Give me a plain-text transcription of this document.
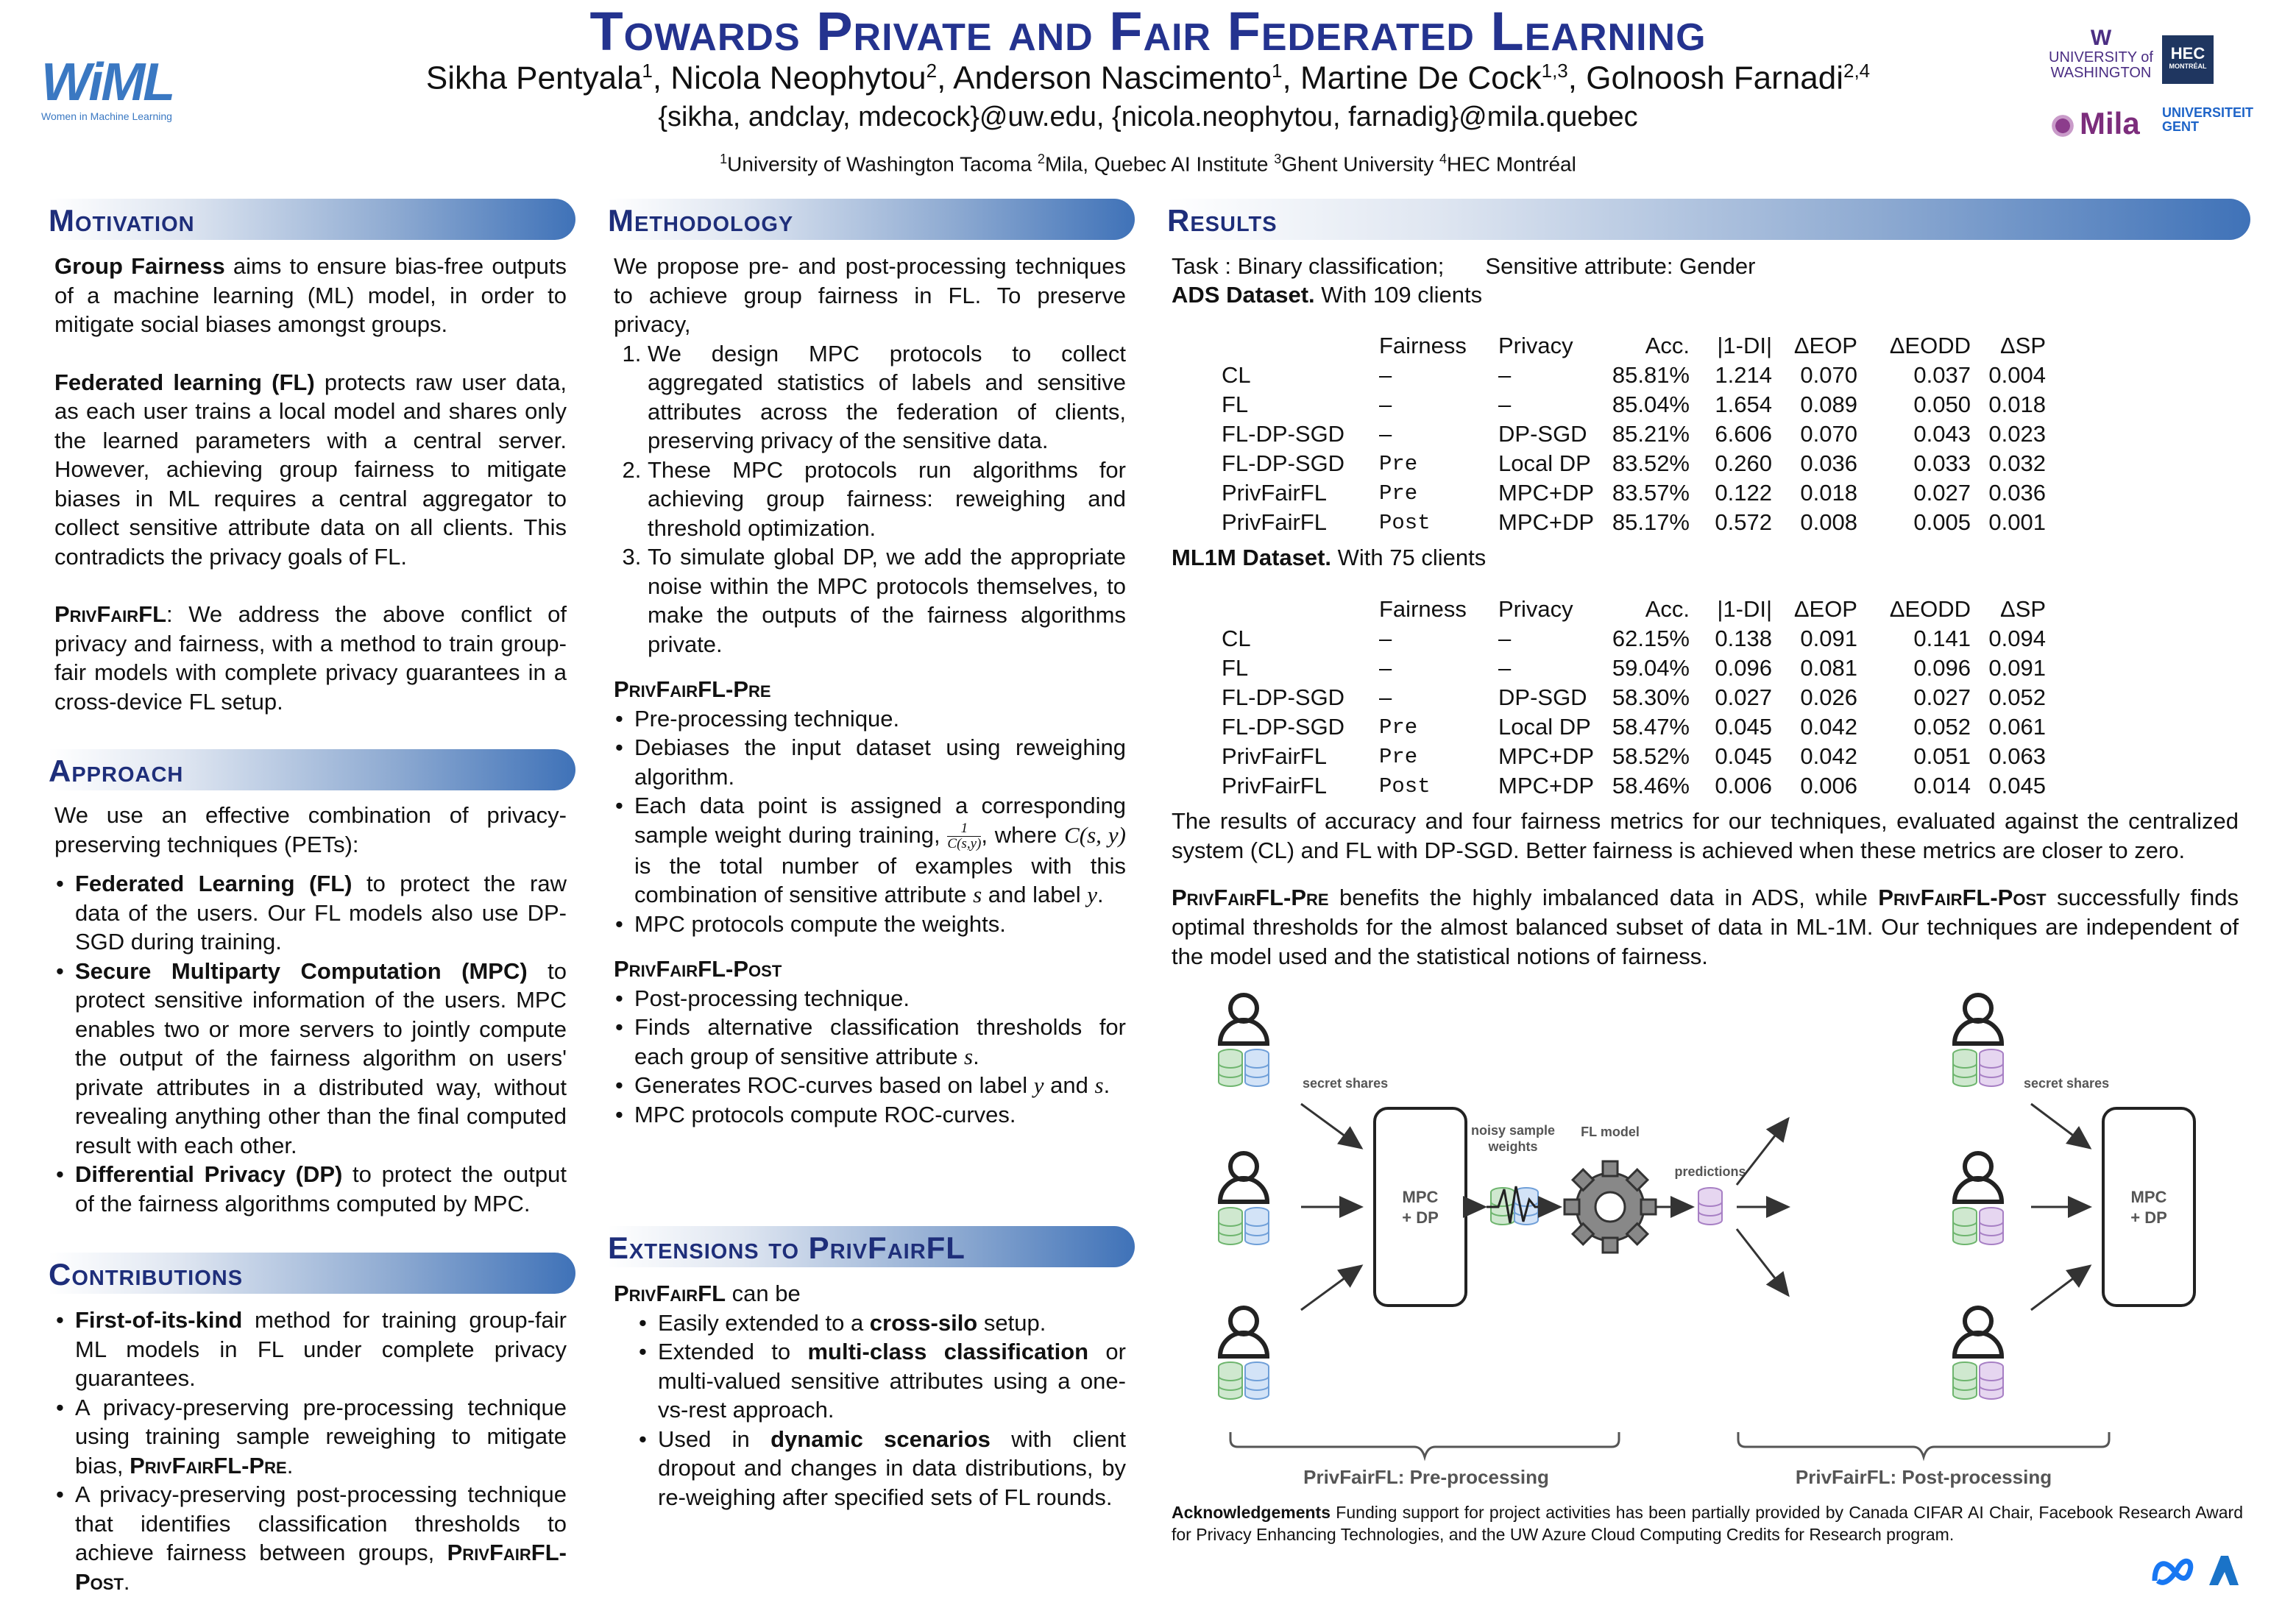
Towards Private and Fair Federated Learning
Sikha Pentyala$^1$, Nicola Neophytou$^2$, Anderson Nascimento$^1$, Martine De Cock$^{1,3}$, Golnoosh Farnadi$^{2,4}$
{sikha, andclay, mdecock}@uw.edu, {nicola.neophytou, farnadig}@mila.quebec
$^1$University of Washington Tacoma $^2$Mila, Quebec AI Institute $^3$Ghent University $^4$HEC Montréal
WiML
Women in Machine Learning
W
UNIVERSITY of
WASHINGTON
HEC
MONTRÉAL
Mila	UNIVERSITEIT
GENT
Motivation

Group Fairness aims to ensure bias-free outputs of a machine learning (ML) model, in order to mitigate social biases amongst groups.

Federated learning (FL) protects raw user data, as each user trains a local model and shares only the learned parameters with a central server. However, achieving group fairness to mitigate biases in ML requires a central aggregator to collect sensitive attribute data on all clients. This contradicts the privacy goals of FL.

PrivFairFL: We address the above conflict of privacy and fairness, with a method to train group-fair models with complete privacy guarantees in a cross-device FL setup.

Approach

We use an effective combination of privacy-preserving techniques (PETs):

• Federated Learning (FL) to protect the raw data of the users. Our FL models also use DP-SGD during training.
• Secure Multiparty Computation (MPC) to protect sensitive information of the users. MPC enables two or more servers to jointly compute the output of the fairness algorithm on users' private attributes in a distributed way, without revealing anything other than the final computed result with each other.
• Differential Privacy (DP) to protect the output of the fairness algorithms computed by MPC.
Contributions
• First-of-its-kind method for training group-fair ML models in FL under complete privacy guarantees.
• A privacy-preserving pre-processing technique using training sample reweighing to mitigate bias, PrivFairFL-Pre.
• A privacy-preserving post-processing technique that identifies classification thresholds to achieve fairness between groups, PrivFairFL-Post.
Methodology
We propose pre- and post-processing techniques to achieve group fairness in FL. To preserve privacy,
1. We design MPC protocols to collect aggregated statistics of labels and sensitive attributes across the federation of clients, preserving privacy of the sensitive data.
2. These MPC protocols run algorithms for achieving group fairness: reweighing and threshold optimization.
3. To simulate global DP, we add the appropriate noise within the MPC protocols themselves, to make the outputs of the fairness algorithms private.
PrivFairFL-Pre
• Pre-processing technique.
• Debiases the input dataset using reweighing algorithm.
• Each data point is assigned a corresponding sample weight during training, $\frac{1}{C(s,y)}$ , where C(s, y) is the total number of examples with this combination of sensitive attribute s and label y.
• MPC protocols compute the weights.
PrivFairFL-Post
• Post-processing technique.
• Finds alternative classification thresholds for each group of sensitive attribute s.
• Generates ROC-curves based on label y and s.
• MPC protocols compute ROC-curves.
Extensions to PrivFairFL
PrivFairFL can be
• Easily extended to a cross-silo setup.
• Extended to multi-class classification or multi-valued sensitive attributes using a one-vs-rest approach.
• Used in dynamic scenarios with client dropout and changes in data distributions, by re-weighing after specified sets of FL rounds.
Results
Task : Binary classification; Sensitive attribute: Gender
ADS Dataset. With 109 clients
	Fairness	Privacy	Acc.	|1-DI|	ΔEOP	ΔEODD	ΔSP
CL	–	–	85.81%	1.214	0.070	0.037	0.004
FL	–	–	85.04%	1.654	0.089	0.050	0.018
FL-DP-SGD	–	DP-SGD	85.21%	6.606	0.070	0.043	0.023
FL-DP-SGD	Pre	Local DP	83.52%	0.260	0.036	0.033	0.032
PrivFairFL	Pre	MPC+DP	83.57%	0.122	0.018	0.027	0.036
PrivFairFL	Post	MPC+DP	85.17%	0.572	0.008	0.005	0.001
ML1M Dataset. With 75 clients
	Fairness	Privacy	Acc.	|1-DI|	ΔEOP	ΔEODD	ΔSP
CL	–	–	62.15%	0.138	0.091	0.141	0.094
FL	–	–	59.04%	0.096	0.081	0.096	0.091
FL-DP-SGD	–	DP-SGD	58.30%	0.027	0.026	0.027	0.052
FL-DP-SGD	Pre	Local DP	58.47%	0.045	0.042	0.052	0.061
PrivFairFL	Pre	MPC+DP	58.52%	0.045	0.042	0.051	0.063
PrivFairFL	Post	MPC+DP	58.46%	0.006	0.006	0.014	0.045
The results of accuracy and four fairness metrics for our techniques, evaluated against the centralized system (CL) and FL with DP-SGD. Better fairness is achieved when these metrics are closer to zero.
PrivFairFL-Pre benefits the highly imbalanced data in ADS, while PrivFairFL-Post successfully finds optimal thresholds for the almost balanced subset of data in ML-1M. Our techniques are independent of the model used and the statistical notions of fairness.
secret shares
MPC
+ DP
noisy sample
weights
FL model
predictions
secret shares
MPC
+ DP
PrivFairFL: Pre-processing	PrivFairFL: Post-processing
Acknowledgements Funding support for project activities has been partially provided by Canada CIFAR AI Chair, Facebook Research Award for Privacy Enhancing Technologies, and the UW Azure Cloud Computing Credits for Research program.
